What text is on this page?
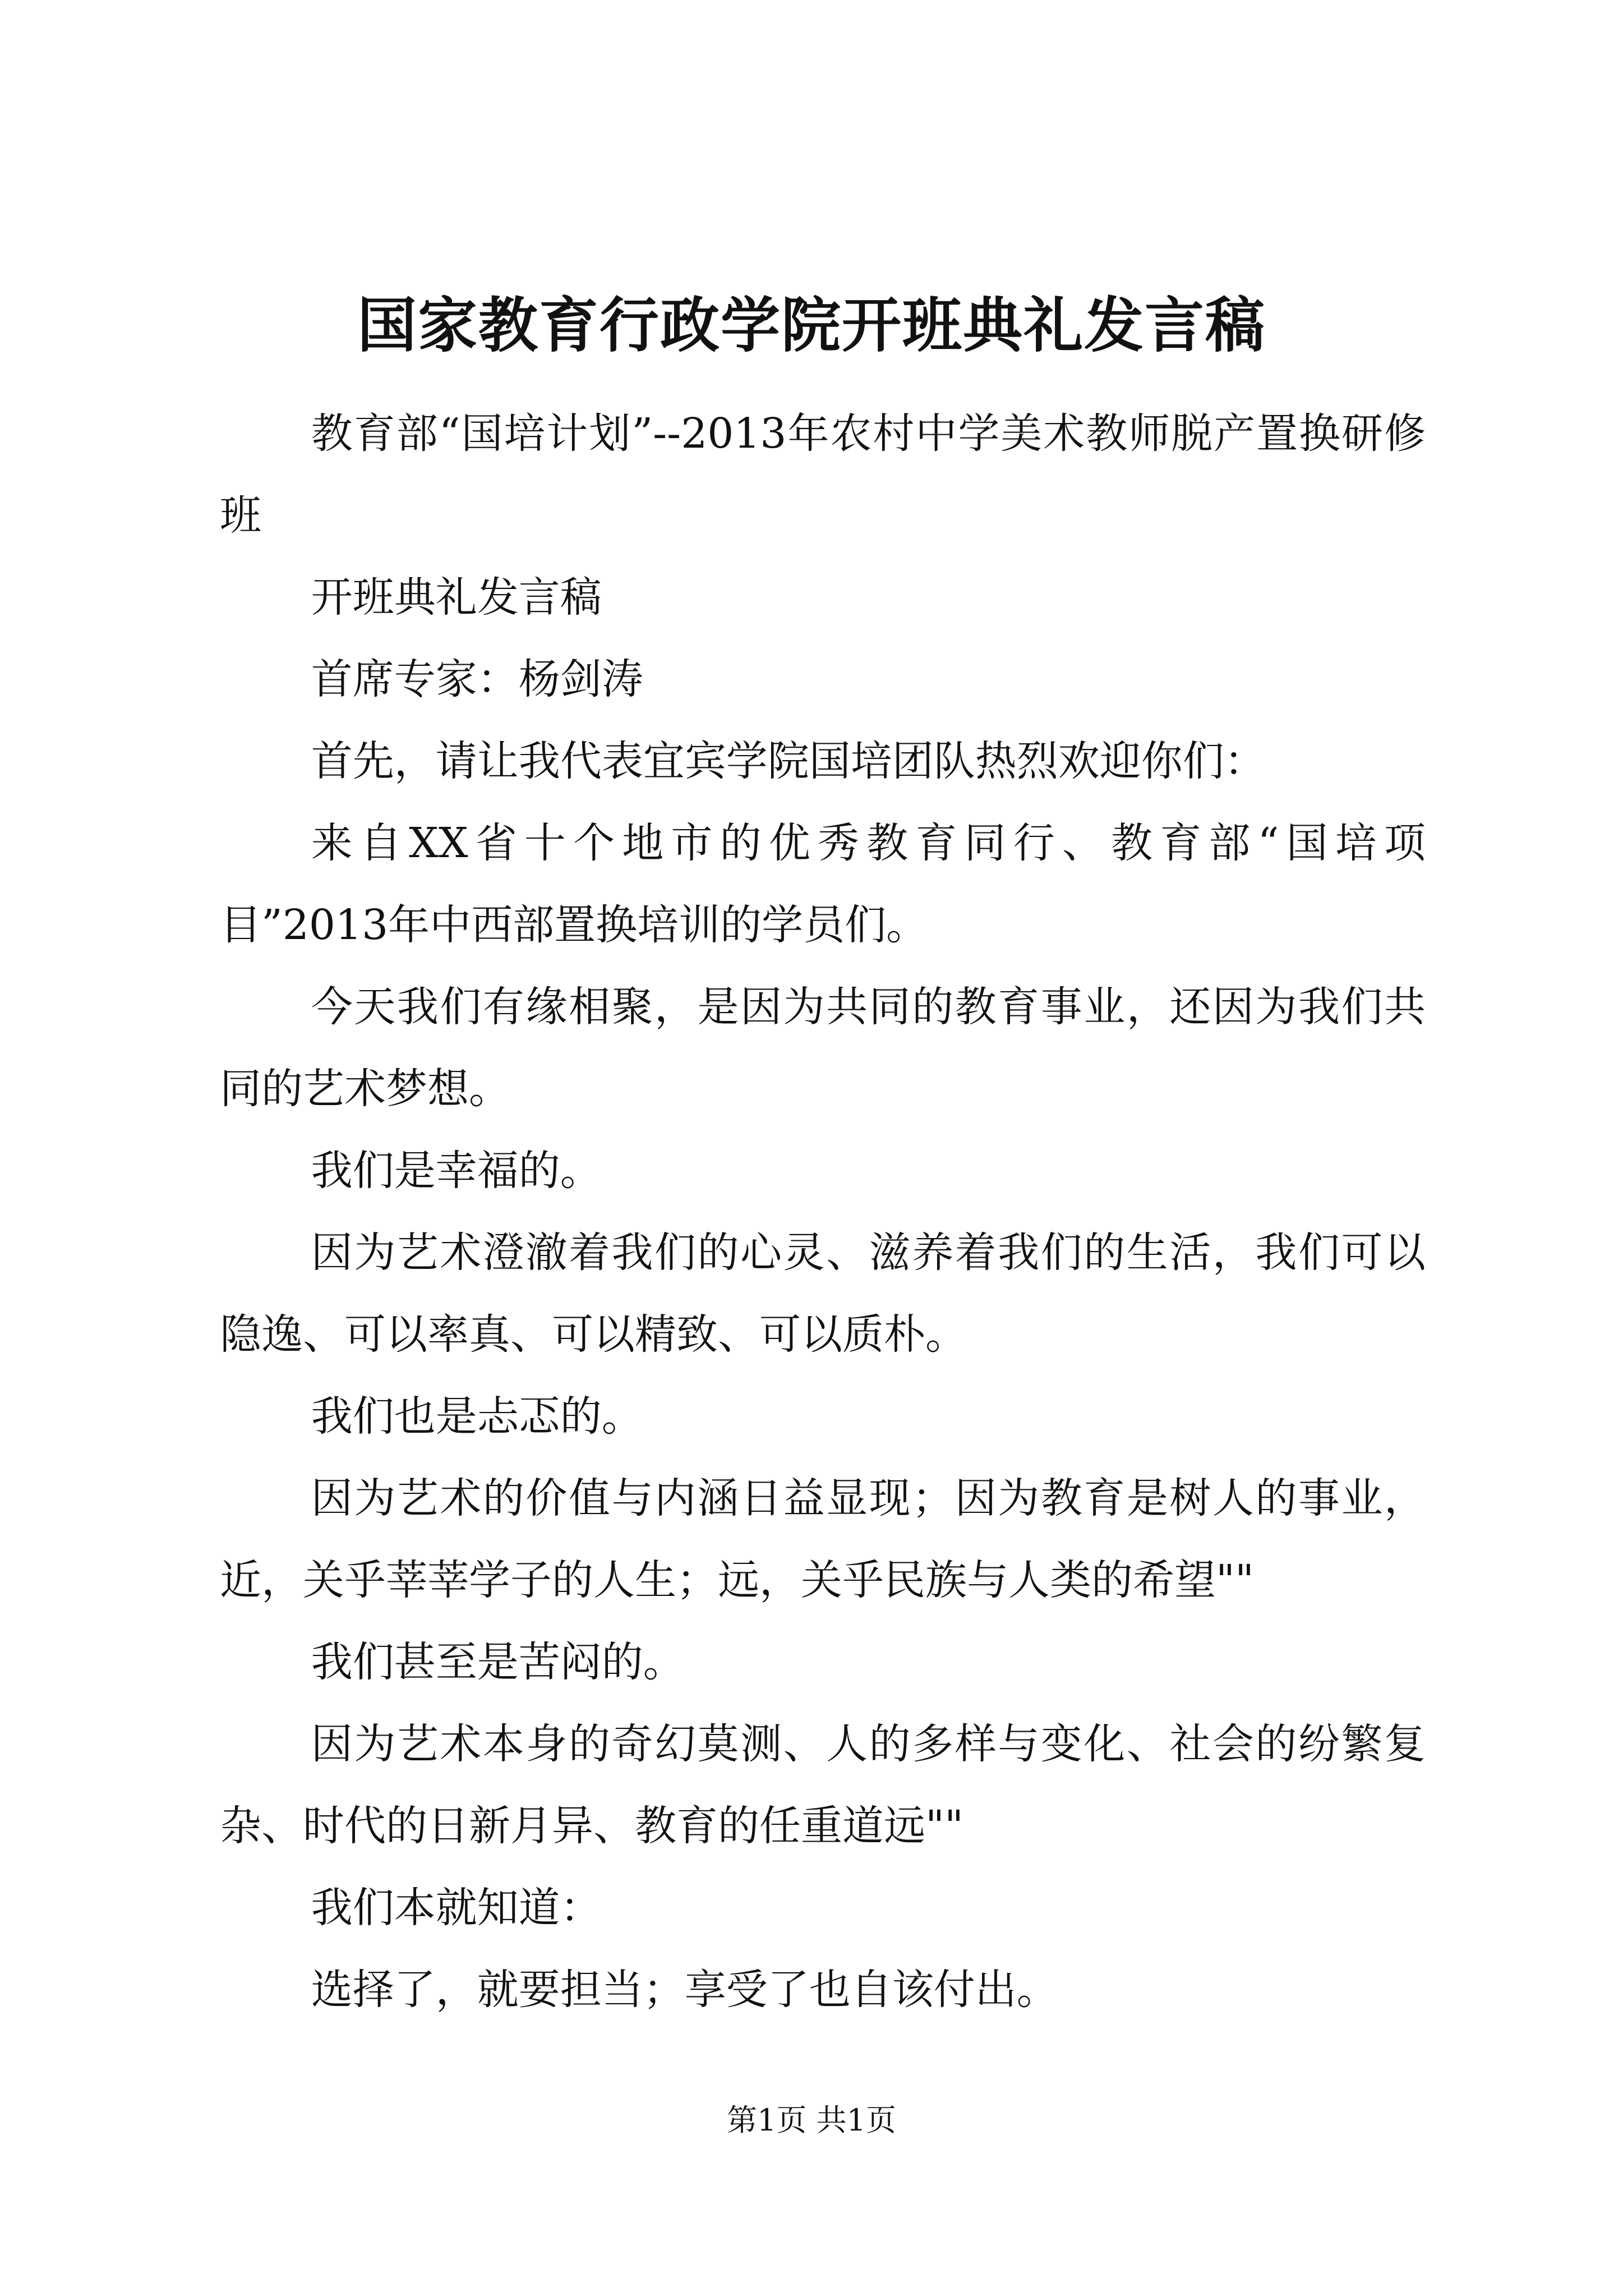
国家教育行政学院开班典礼发言稿

教育部“国培计划”--2013年农村中学美术教师脱产置换研修班

开班典礼发言稿

首席专家：杨剑涛

首先，请让我代表宜宾学院国培团队热烈欢迎你们：

来自XX省十个地市的优秀教育同行、教育部“国培项目”2013年中西部置换培训的学员们。

今天我们有缘相聚，是因为共同的教育事业，还因为我们共同的艺术梦想。

我们是幸福的。

因为艺术澄澈着我们的心灵、滋养着我们的生活，我们可以隐逸、可以率真、可以精致、可以质朴。

我们也是忐忑的。

因为艺术的价值与内涵日益显现；因为教育是树人的事业，近，关乎莘莘学子的人生；远，关乎民族与人类的希望""

我们甚至是苦闷的。

因为艺术本身的奇幻莫测、人的多样与变化、社会的纷繁复杂、时代的日新月异、教育的任重道远""

我们本就知道：

选择了，就要担当；享受了也自该付出。

第1页 共1页
